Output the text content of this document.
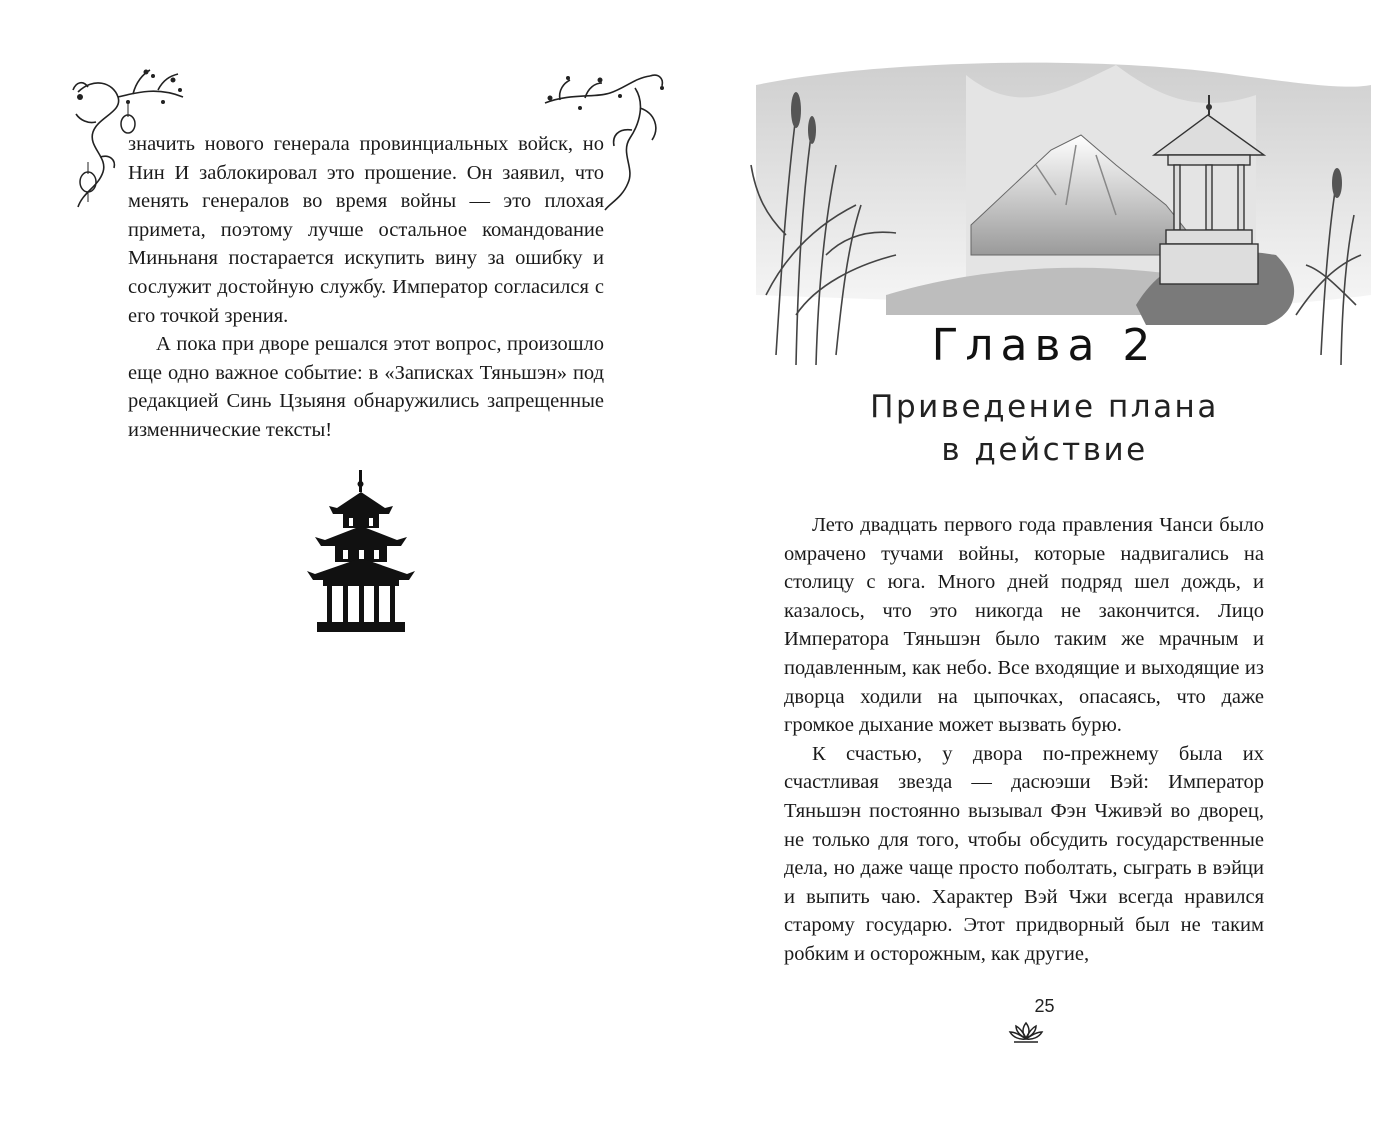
значить нового генерала провинциальных войск, но Нин И заблокировал это прошение. Он заявил, что менять генералов во время войны — это плохая примета, поэтому лучше остальное командование Миньнаня постарается искупить вину за ошибку и сослужит достойную службу. Император согласился с его точкой зрения.

А пока при дворе решался этот вопрос, произошло еще одно важное событие: в «Записках Тяньшэн» под редакцией Синь Цзыяня обнаружились запрещенные изменнические тексты!

Глава 2
Приведение плана
в действие

Лето двадцать первого года правления Чанси было омрачено тучами войны, которые надвигались на столицу с юга. Много дней подряд шел дождь, и казалось, что это никогда не закончится. Лицо Императора Тяньшэн было таким же мрачным и подавленным, как небо. Все входящие и выходящие из дворца ходили на цыпочках, опасаясь, что даже громкое дыхание может вызвать бурю.

К счастью, у двора по-прежнему была их счастливая звезда — дасюэши Вэй: Император Тяньшэн постоянно вызывал Фэн Чживэй во дворец, не только для того, чтобы обсудить государственные дела, но даже чаще просто поболтать, сыграть в вэйци и выпить чаю. Характер Вэй Чжи всегда нравился старому государю. Этот придворный был не таким робким и осторожным, как другие,

25
